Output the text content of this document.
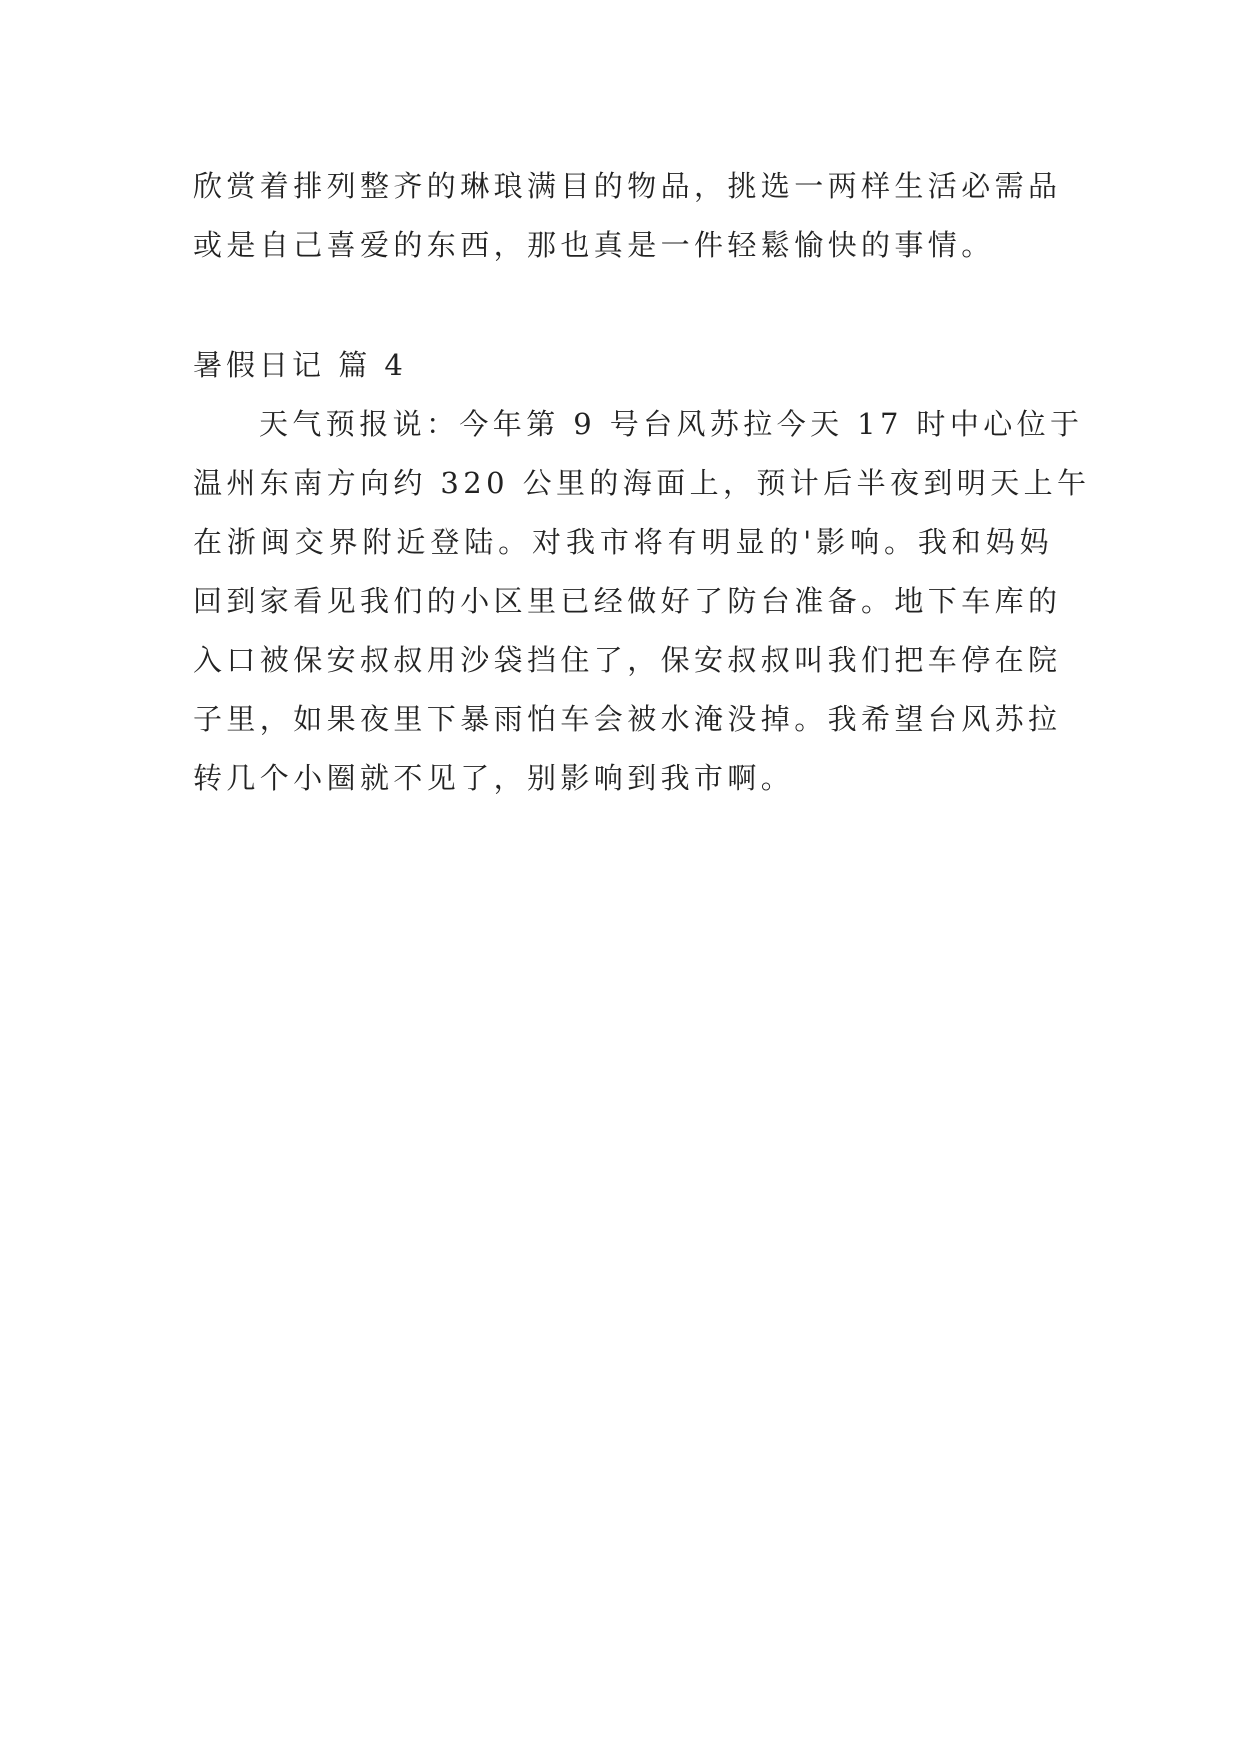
欣赏着排列整齐的琳琅满目的物品，挑选一两样生活必需品
或是自己喜爱的东西，那也真是一件轻鬆愉快的事情。
暑假日记 篇 4
天气预报说：今年第 9 号台风苏拉今天 17 时中心位于
温州东南方向约 320 公里的海面上，预计后半夜到明天上午
在浙闽交界附近登陆。对我市将有明显的'影响。我和妈妈
回到家看见我们的小区里已经做好了防台准备。地下车库的
入口被保安叔叔用沙袋挡住了，保安叔叔叫我们把车停在院
子里，如果夜里下暴雨怕车会被水淹没掉。我希望台风苏拉
转几个小圈就不见了，别影响到我市啊。
